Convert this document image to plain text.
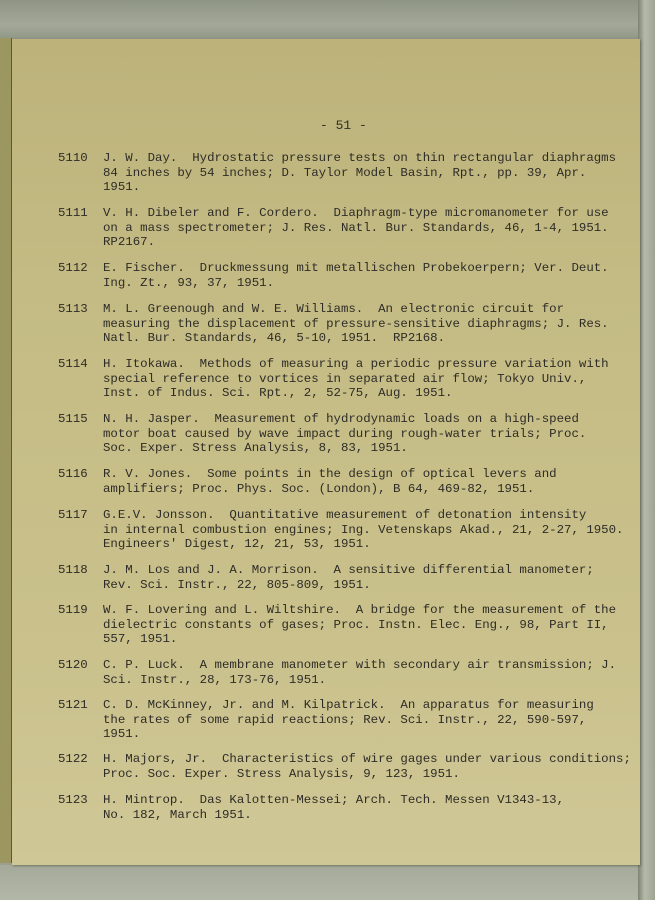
- 51 -
5110	J. W. Day.  Hydrostatic pressure tests on thin rectangular diaphragms
84 inches by 54 inches; D. Taylor Model Basin, Rpt., pp. 39, Apr.
1951.
5111	V. H. Dibeler and F. Cordero.  Diaphragm-type micromanometer for use
on a mass spectrometer; J. Res. Natl. Bur. Standards, 46, 1-4, 1951.
RP2167.
5112	E. Fischer.  Druckmessung mit metallischen Probekoerpern; Ver. Deut.
Ing. Zt., 93, 37, 1951.
5113	M. L. Greenough and W. E. Williams.  An electronic circuit for
measuring the displacement of pressure-sensitive diaphragms; J. Res.
Natl. Bur. Standards, 46, 5-10, 1951.  RP2168.
5114	H. Itokawa.  Methods of measuring a periodic pressure variation with
special reference to vortices in separated air flow; Tokyo Univ.,
Inst. of Indus. Sci. Rpt., 2, 52-75, Aug. 1951.
5115	N. H. Jasper.  Measurement of hydrodynamic loads on a high-speed
motor boat caused by wave impact during rough-water trials; Proc.
Soc. Exper. Stress Analysis, 8, 83, 1951.
5116	R. V. Jones.  Some points in the design of optical levers and
amplifiers; Proc. Phys. Soc. (London), B 64, 469-82, 1951.
5117	G.E.V. Jonsson.  Quantitative measurement of detonation intensity
in internal combustion engines; Ing. Vetenskaps Akad., 21, 2-27, 1950.
Engineers' Digest, 12, 21, 53, 1951.
5118	J. M. Los and J. A. Morrison.  A sensitive differential manometer;
Rev. Sci. Instr., 22, 805-809, 1951.
5119	W. F. Lovering and L. Wiltshire.  A bridge for the measurement of the
dielectric constants of gases; Proc. Instn. Elec. Eng., 98, Part II,
557, 1951.
5120	C. P. Luck.  A membrane manometer with secondary air transmission; J.
Sci. Instr., 28, 173-76, 1951.
5121	C. D. McKinney, Jr. and M. Kilpatrick.  An apparatus for measuring
the rates of some rapid reactions; Rev. Sci. Instr., 22, 590-597,
1951.
5122	H. Majors, Jr.  Characteristics of wire gages under various conditions;
Proc. Soc. Exper. Stress Analysis, 9, 123, 1951.
5123	H. Mintrop.  Das Kalotten-Messei; Arch. Tech. Messen V1343-13,
No. 182, March 1951.
